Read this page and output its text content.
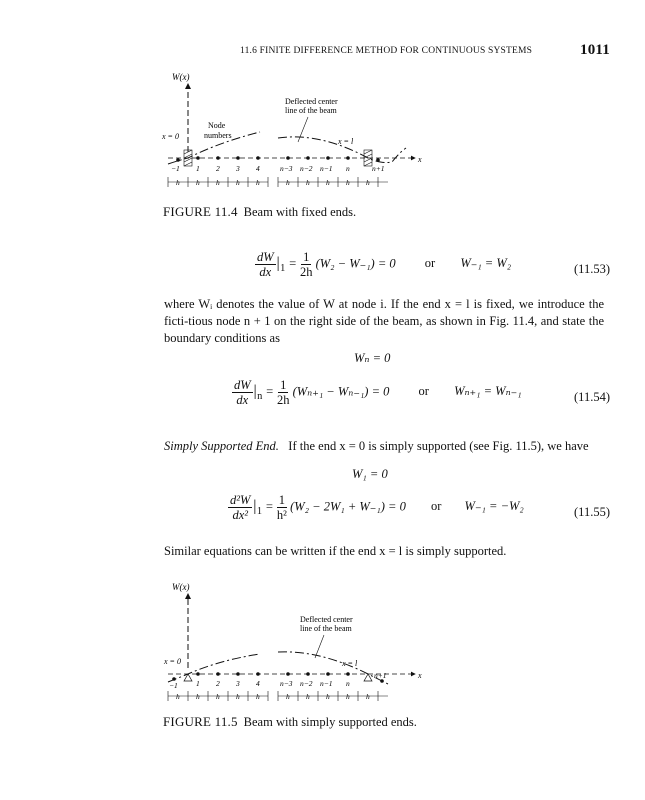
11.6 FINITE DIFFERENCE METHOD FOR CONTINUOUS SYSTEMS	1011
W(x)
x = 0
Node
numbers
Deflected center
line of the beam
x = l
x
−1 1 2 3 4	n−3 n−2 n−1 n	n+1
h h h h h	h h h h h
FIGURE 11.4 Beam with fixed ends.
$\frac{dW}{dx} |_1 = \frac{1}{2h} (W_2 - W_{-1}) = 0$ or W₋₁ = W₂	(11.53)
where Wᵢ denotes the value of W at node i. If the end x = l is fixed, we introduce the ficti-tious node n + 1 on the right side of the beam, as shown in Fig. 11.4, and state the boundary conditions as
Wₙ = 0
$\frac{dW}{dx} |_n = \frac{1}{2h} (W_{n+1} - W_{n-1}) = 0$ or Wₙ₊₁ = Wₙ₋₁	(11.54)
Simply Supported End. If the end x = 0 is simply supported (see Fig. 11.5), we have
W₁ = 0
$\frac{\text{d²W}}{\text{dx²}} |_1 = \frac{1}{\text{h²}} (W_2 - 2W_1 + W_{-1}) = 0$ or W₋₁ = −W₂	(11.55)
Similar equations can be written if the end x = l is simply supported.
W(x)
x = 0
Deflected center
line of the beam
x = l
x
−1 1 2 3 4	n−3 n−2 n−1 n n+1
h h h h h	h h h h h
FIGURE 11.5 Beam with simply supported ends.
